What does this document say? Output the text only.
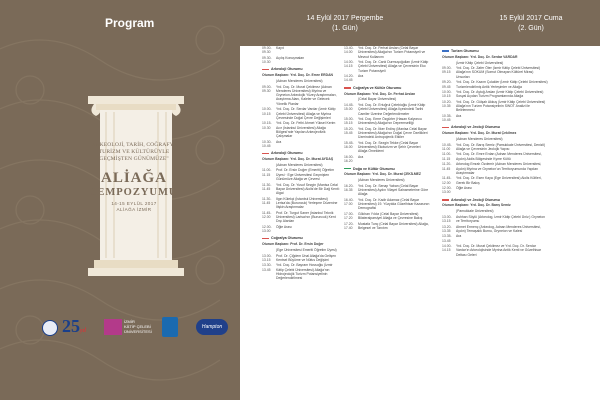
Program
"ARKEOLOJİ, TARİH, COĞRAFYA,
TURİZM VE KÜLTÜRÜYLE
GEÇMİŞTEN GÜNÜMÜZE"
ALİAĞA
SEMPOZYUMU
14-15 EYLÜL 2017
ALİAĞA İZMİR
25yıl
İZMİR
KÂTİP ÇELEBİ
ÜNİVERSİTESİ
Hampton
14 Eylül 2017 Pergembe
(1. Gün)
15 Eylül 2017 Cuma
(2. Gün)
09.00-09.30
Kayıt
09.30-10.30
Açılış Konuşmaları
Arkeoloji Oturumu
Oturum Başkanı: Yrd. Doç. Dr. Emre ERDAN
(Adnan Menderes Üniversitesi)
09.00-09.30
Yrd. Doç. Dr. Murat Çekilmez (Adnan Menderes Üniversitesi) Myrina ve Gryneion Arkeolojik Yüzey Araştırmaları, Araştırma Alanı, Kaleler ve Gelecek Yönelik Planlar
10.00-10.15
Yrd. Doç. Dr. Serdar Vardar (İzmir Kâtip Çelebi Üniversitesi) Aliağa ve Myrina Çevresinde Doğal Çevre Değişimleri
10.15-10.30
Yrd. Doç. Dr. Fethi Ahmet Yüksel Kerim Acır (İstanbul Üniversitesi) Aliağa Bölgesi'nde Yapılan Arkeojeofizik Çalışmalar
10.30-10.45
Ara
Arkeoloji Oturumu
Oturum Başkanı: Yrd. Doç. Dr. Murat AYDAŞ
(Adnan Menderes Üniversitesi)
11.00-11.15
Prof. Dr. Ersin Doğer (Emeriti) Öğretim Üyesi · Ege Üniversitesi Geçmişten Günümüze Aliağa ve Çevresi
11.30-11.45
Yrd. Doç. Dr. Yusuf Sezgin (Manisa Celal Bayar Üniversitesi) Aiolis'de Bir Dağ Kenti: Aigai
11.30-11.45
Ilgın Külekçi (İstanbul Üniversitesi) Lerisa'da (Buruncuk) Yerleşme Düzenine İlişkin Araştırmalar
11.45-12.00
Prof. Dr. Turgut Saner (İstanbul Teknik Üniversitesi) Larisa'nın (Buruncuk) Kent Dışı Alanları
12.00-13.00
Öğle Arası
Coğrafya Oturumu
Oturum Başkanı: Prof. Dr. Ersin Doğer
(Ege Üniversitesi Emeriti Öğretim Üyesi)
13.00-13.15
Prof. Dr. Çiğdem Ünal Aliağa'da Gelişen Kentsel Büyüme ve Nüfus Değişimi
13.30-13.45
Yrd. Doç. Dr. Bayram Hossoğlu (İzmir Kâtip Çelebi Üniversitesi) Aliağa'nın Hidrojeolojik Turizm Potansiyelinin Değerlendirilmesi
13.40-14.00
Yrd. Doç. Dr. Ferhat Arslan (Celal Bayar Üniversitesi) Aliağa'nın Turizm Potansiyeli ve Mevcut Kullanımı
14.00-14.15
Yrd. Doç. Dr. Canlı Durmuşoğulları (İzmir Kâtip Çelebi Üniversitesi) Aliağa ve Çevresinin Eko Turizm Potansiyeli
14.20-14.45
Ara
Coğrafya ve Kültür Oturumu
Oturum Başkanı: Yrd. Doç. Dr. Ferhat Arslan
(Celal Bayar Üniversitesi)
14.45-15.00
Yrd. Doç. Dr. Ertuğrul Çelebioğlu (İzmir Kâtip Çelebi Üniversitesi) Aliağa İlçesindeki Tarihi Camiler Üzerine Değerlendirmeler
15.00-15.15
Yrd. Doç. Emre Özgürler (Hasan Kalyoncu Üniversitesi) Aliağa'nın Depremselliği
15.20-15.45
Yrd. Doç. Dr. İlker Erdinç (Manisa Celal Bayar Üniversitesi) Aliağa'nın Doğal Çevre Özellikleri Üzerindeki Antropojenik Etkiler
15.45-16.00
Yrd. Doç. Dr. Sezgin Tekke (Celal Bayar Üniversitesi) Ekoturizm ve Şehir Çevreleri Aliağa Örneklemi
16.00-16.20
Ara
Doğa ve Kültür Oturumu
Oturum Başkanı: Yrd. Doç. Dr. Murat ÇEKİLMEZ
(Adnan Menderes Üniversitesi)
16.20-16.35
Yrd. Doç. Dr. Senap Yaban (Celal Bayar Üniversitesi) Aydın Vilayet Salnamelerine Göre Aliağa
16.40-17.00
Yrd. Doç. Dr. Kadir Adamaz (Celal Bayar Üniversitesi) 19. Yüzyılda Güzelhisar Kazasının Demografisi
17.00-17.20
Gökhan Yıldız (Celal Bayar Üniversitesi) Bilateralparsiyel Aliağa ve Çevresine Bakış
17.20-17.40
Mustafa Tunç (Celal Bayar Üniversitesi) Aliağa, Belgesel ve Tanıtım
Turizm Oturumu
Oturum Başkanı: Yrd. Doç. Dr. Serdar VARDAR
(İzmir Kâtip Çelebi Üniversitesi)
09.00-09.15
Yrd. Doç. Dr. Zafer Öter (İzmir Kâtip Çelebi Üniversitesi) Aliağa'nın SOKUM (Somut Olmayan Kültürel Miras) Unsurları
09.20-09.45
Yrd. Doç. Dr. Kazım Çolakler (İzmir Kâtip Çelebi Üniversitesi) Turizmlendirilmiş Antik Yerleşimler ve Aliağa
10.00-10.15
Yrd. Doç. Dr. Aytuğ Arslan (İzmir Kâtip Çelebi Üniversitesi) Sosyal Açıdan Turizm Programlarında Aliağa
10.20-10.35
Yrd. Doç. Dr. Gülşah Akkuş (İzmir Kâtip Çelebi Üniversitesi) Aliağa'nın Turizm Potansiyelinin SWOT Analizi ile Belirlenmesi
10.35-10.45
Ara
Arkeoloji ve Jeoloji Oturumu
Oturum Başkanı: Yrd. Doç. Dr. Murat Çekilmez
(Adnan Menderes Üniversitesi)
10.45-11.00
Yrd. Doç. Dr. Barış Semiz (Pamukkale Üniversitesi, Denizli) Aliağa ve Çevresinin Jeolojik Yapısı
11.00-11.15
Yrd. Doç. Dr. Emre Erdan (Adnan Menderes Üniversitesi, Aydın) Aiolis Bölgesinde Kyme Kültü
11.20-11.45
Arkeolog Emrah Özdemir (Adnan Menderes Üniversitesi, Aydın) Myrina ve Gryneion'un Territoryumunda Yapılan Araştırmalar
11.45-12.00
Yrd. Doç. Dr. Esen Kaya (Ege Üniversitesi) Aiolis Kültleri, Gerek Bir Bakış
12.00-13.00
Öğle Arası
Arkeoloji ve Jeoloji Oturumu
Oturum Başkanı: Yrd. Doç. Dr. Barış Semiz
(Pamukkale Üniversitesi)
13.00-13.15
Ashhan Söylü (Arkeolog, İzmir Kâtip Çelebi Üniv.) Gryneion ve Territoryumu
13.20-13.35
Ahmet Ermenç (Arkeolog, Adnan Menderes Üniversitesi, Aydın) Temaşalık Burnu, Gryneion ve Kalesi
13.35-13.45
Ara
14.00-14.15
Yrd. Doç. Dr. Murat Çekilmez ve Yrd. Doç. Dr. Serdar Vardar'ın Arkeolojisinde Myrina Antik Kenti ve Güzelhisar Deltası Geleri
